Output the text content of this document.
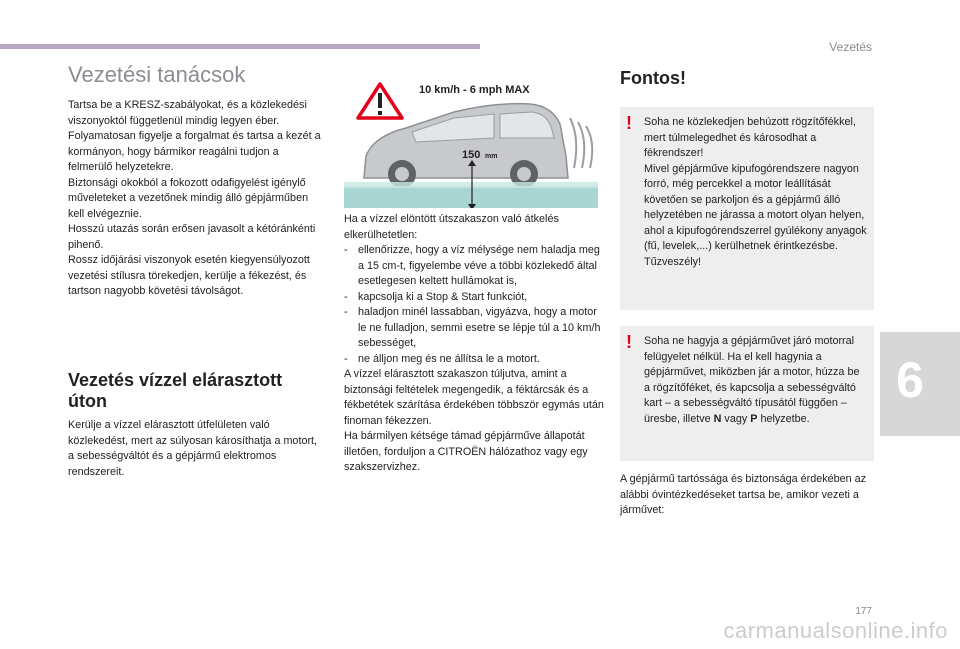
Vezetés
6
177
carmanualsonline.info
Vezetési tanácsok

Tartsa be a KRESZ-szabályokat, és a közlekedési viszonyoktól függetlenül mindig legyen éber.

Folyamatosan figyelje a forgalmat és tartsa a kezét a kormányon, hogy bármikor reagálni tudjon a felmerülő helyzetekre.

Biztonsági okokból a fokozott odafigyelést igénylő műveleteket a vezetőnek mindig álló gépjárműben kell elvégeznie.

Hosszú utazás során erősen javasolt a kétóránkénti pihenő.

Rossz időjárási viszonyok esetén kiegyensúlyozott vezetési stílusra törekedjen, kerülje a fékezést, és tartson nagyobb követési távolságot.

Vezetés vízzel elárasztott úton
Kerülje a vízzel elárasztott útfelületen való közlekedést, mert az súlyosan károsíthatja a motort, a sebességváltót és a gépjármű elektromos rendszereit.
10 km/h - 6 mph MAX
150 mm

Ha a vízzel elöntött útszakaszon való átkelés elkerülhetetlen:

- ellenőrizze, hogy a víz mélysége nem haladja meg a 15 cm-t, figyelembe véve a többi közlekedő által esetlegesen keltett hullámokat is,
- kapcsolja ki a Stop & Start funkciót,
- haladjon minél lassabban, vigyázva, hogy a motor le ne fulladjon, semmi esetre se lépje túl a 10 km/h sebességet,
- ne álljon meg és ne állítsa le a motort.

A vízzel elárasztott szakaszon túljutva, amint a biztonsági feltételek megengedik, a féktárcsák és a fékbetétek szárítása érdekében többször egymás után finoman fékezzen.

Ha bármilyen kétsége támad gépjárműve állapotát illetően, forduljon a CITROËN hálózathoz vagy egy szakszervizhez.

Fontos!
! Soha ne közlekedjen behúzott rögzítőfékkel, mert túlmelegedhet és károsodhat a fékrendszer!

Mivel gépjárműve kipufogórendszere nagyon forró, még percekkel a motor leállítását követően se parkoljon és a gépjármű álló helyzetében ne járassa a motort olyan helyen, ahol a kipufogórendszerrel gyúlékony anyagok (fű, levelek,...) kerülhetnek érintkezésbe. Tűzveszély!

! Soha ne hagyja a gépjárművet járó motorral felügyelet nélkül. Ha el kell hagynia a gépjárművet, miközben jár a motor, húzza be a rögzítőféket, és kapcsolja a sebességváltó kart – a sebességváltó típusától függően – üresbe, illetve N vagy P helyzetbe.

A gépjármű tartóssága és biztonsága érdekében az alábbi óvintézkedéseket tartsa be, amikor vezeti a járművet:
